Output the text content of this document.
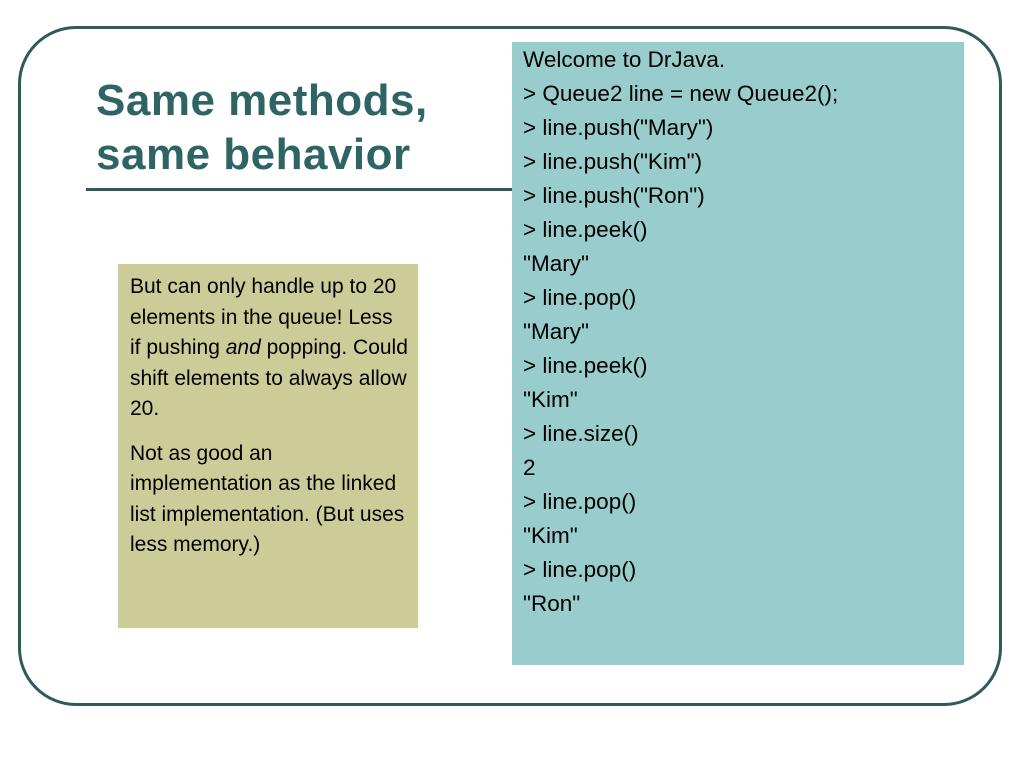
Same methods,
same behavior

But can only handle up to 20 elements in the queue! Less if pushing and popping. Could shift elements to always allow 20.

Not as good an implementation as the linked list implementation. (But uses less memory.)

Welcome to DrJava.
> Queue2 line = new Queue2();
> line.push("Mary")
> line.push("Kim")
> line.push("Ron")
> line.peek()
"Mary"
> line.pop()
"Mary"
> line.peek()
"Kim"
> line.size()
2
> line.pop()
"Kim"
> line.pop()
"Ron"
